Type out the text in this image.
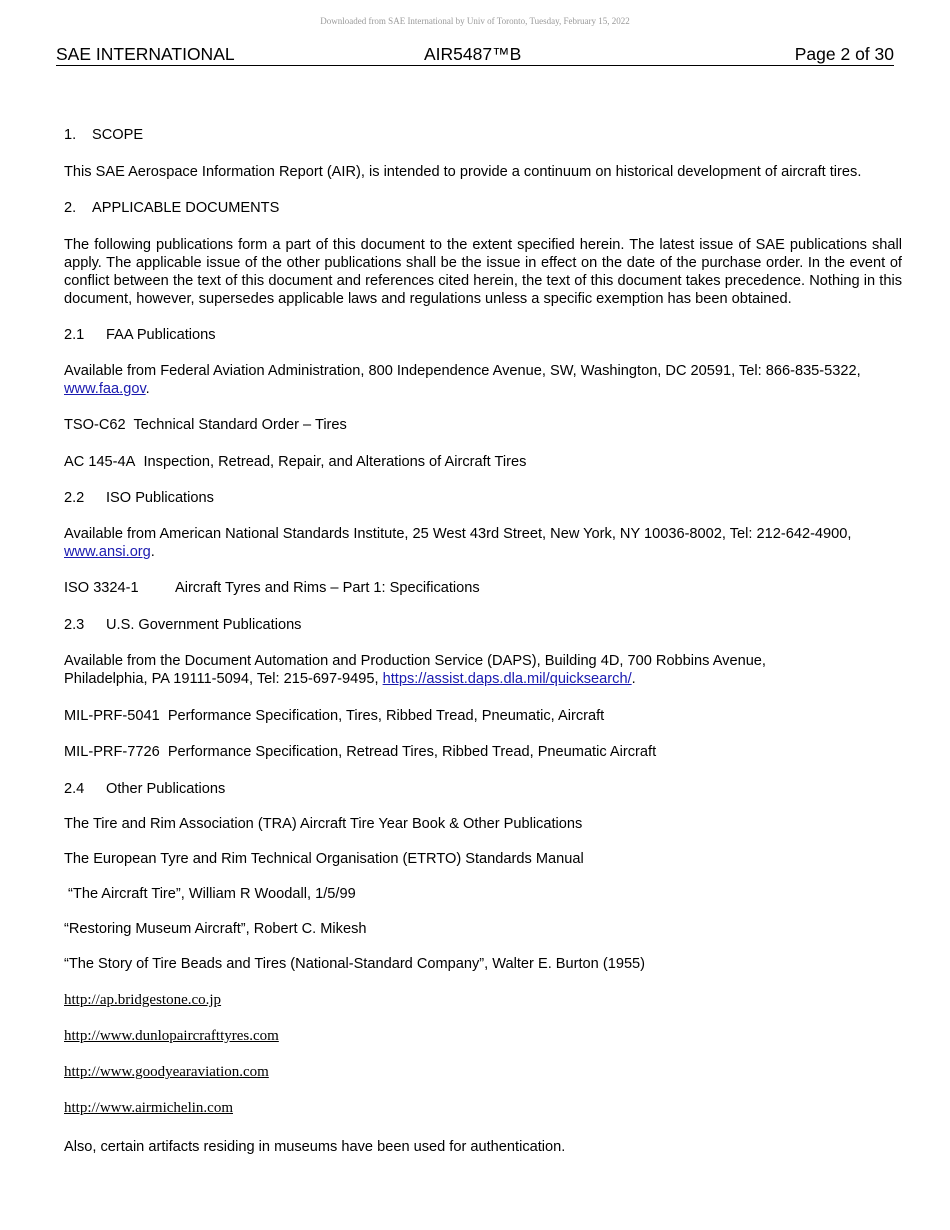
Downloaded from SAE International by Univ of Toronto, Tuesday, February 15, 2022
SAE INTERNATIONAL	AIR5487™B	Page 2 of 30

1.	SCOPE

This SAE Aerospace Information Report (AIR), is intended to provide a continuum on historical development of aircraft tires.

2.	APPLICABLE DOCUMENTS

The following publications form a part of this document to the extent specified herein. The latest issue of SAE publications shall apply. The applicable issue of the other publications shall be the issue in effect on the date of the purchase order. In the event of conflict between the text of this document and references cited herein, the text of this document takes precedence. Nothing in this document, however, supersedes applicable laws and regulations unless a specific exemption has been obtained.

2.1	FAA Publications

Available from Federal Aviation Administration, 800 Independence Avenue, SW, Washington, DC 20591, Tel: 866-835-5322, www.faa.gov.

TSO-C62 Technical Standard Order – Tires

AC 145-4A Inspection, Retread, Repair, and Alterations of Aircraft Tires

2.2	ISO Publications

Available from American National Standards Institute, 25 West 43rd Street, New York, NY 10036-8002, Tel: 212-642-4900, www.ansi.org.

ISO 3324-1	Aircraft Tyres and Rims – Part 1: Specifications

2.3	U.S. Government Publications

Available from the Document Automation and Production Service (DAPS), Building 4D, 700 Robbins Avenue,
Philadelphia, PA 19111-5094, Tel: 215-697-9495, https://assist.daps.dla.mil/quicksearch/.

MIL-PRF-5041 Performance Specification, Tires, Ribbed Tread, Pneumatic, Aircraft

MIL-PRF-7726 Performance Specification, Retread Tires, Ribbed Tread, Pneumatic Aircraft

2.4	Other Publications

The Tire and Rim Association (TRA) Aircraft Tire Year Book & Other Publications

The European Tyre and Rim Technical Organisation (ETRTO) Standards Manual

“The Aircraft Tire”, William R Woodall, 1/5/99

“Restoring Museum Aircraft”, Robert C. Mikesh

“The Story of Tire Beads and Tires (National-Standard Company”, Walter E. Burton (1955)

http://ap.bridgestone.co.jp
http://www.dunlopaircrafttyres.com
http://www.goodyearaviation.com
http://www.airmichelin.com

Also, certain artifacts residing in museums have been used for authentication.
